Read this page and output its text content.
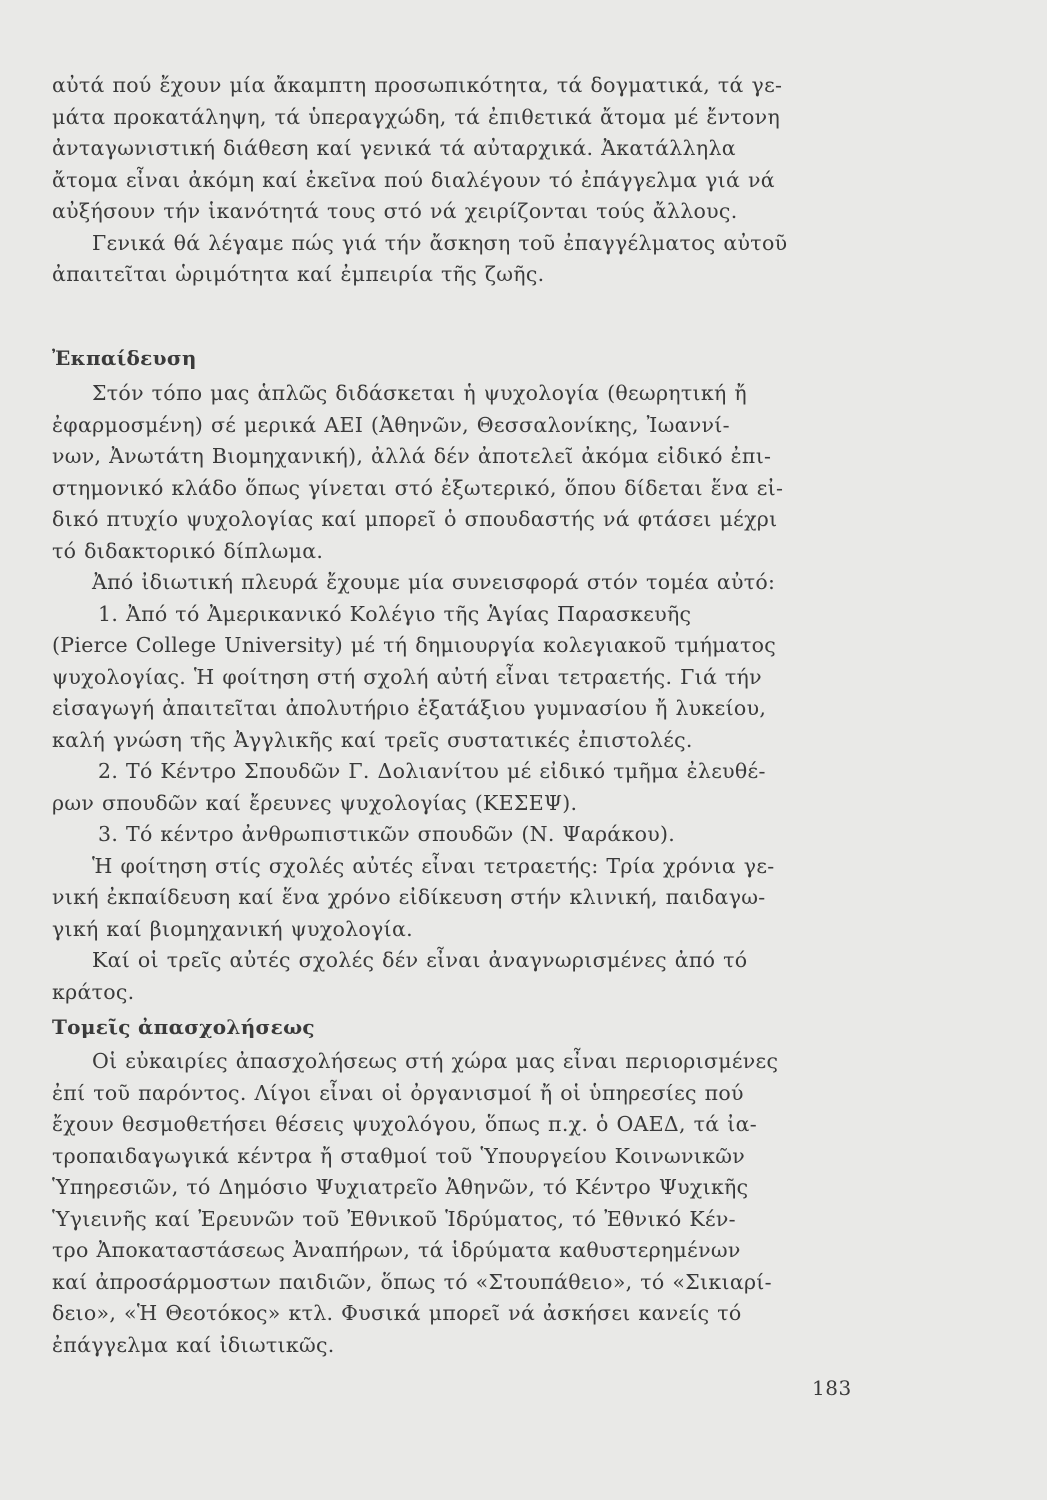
αὐτά πού ἔχουν μία ἄκαμπτη προσωπικότητα, τά δογματικά, τά γε-
μάτα προκατάληψη, τά ὑπεραγχώδη, τά ἐπιθετικά ἄτομα μέ ἔντονη
ἀνταγωνιστική διάθεση καί γενικά τά αὐταρχικά. Ἀκατάλληλα
ἄτομα εἶναι ἀκόμη καί ἐκεῖνα πού διαλέγουν τό ἐπάγγελμα γιά νά
αὐξήσουν τήν ἱκανότητά τους στό νά χειρίζονται τούς ἄλλους.
Γενικά θά λέγαμε πώς γιά τήν ἄσκηση τοῦ ἐπαγγέλματος αὐτοῦ
ἀπαιτεῖται ὡριμότητα καί ἐμπειρία τῆς ζωῆς.
Ἐκπαίδευση
Στόν τόπο μας ἁπλῶς διδάσκεται ἡ ψυχολογία (θεωρητική ἤ
ἐφαρμοσμένη) σέ μερικά ΑΕΙ (Ἀθηνῶν, Θεσσαλονίκης, Ἰωαννί-
νων, Ἀνωτάτη Βιομηχανική), ἀλλά δέν ἀποτελεῖ ἀκόμα εἰδικό ἐπι-
στημονικό κλάδο ὅπως γίνεται στό ἐξωτερικό, ὅπου δίδεται ἕνα εἰ-
δικό πτυχίο ψυχολογίας καί μπορεῖ ὁ σπουδαστής νά φτάσει μέχρι
τό διδακτορικό δίπλωμα.
Ἀπό ἰδιωτική πλευρά ἔχουμε μία συνεισφορά στόν τομέα αὐτό:
1. Ἀπό τό Ἀμερικανικό Κολέγιο τῆς Ἁγίας Παρασκευῆς
(Pierce College University) μέ τή δημιουργία κολεγιακοῦ τμήματος
ψυχολογίας. Ἡ φοίτηση στή σχολή αὐτή εἶναι τετραετής. Γιά τήν
εἰσαγωγή ἀπαιτεῖται ἀπολυτήριο ἑξατάξιου γυμνασίου ἤ λυκείου,
καλή γνώση τῆς Ἀγγλικῆς καί τρεῖς συστατικές ἐπιστολές.
2. Τό Κέντρο Σπουδῶν Γ. Δολιανίτου μέ εἰδικό τμῆμα ἐλευθέ-
ρων σπουδῶν καί ἔρευνες ψυχολογίας (ΚΕΣΕΨ).
3. Τό κέντρο ἀνθρωπιστικῶν σπουδῶν (Ν. Ψαράκου).
Ἡ φοίτηση στίς σχολές αὐτές εἶναι τετραετής: Τρία χρόνια γε-
νική ἐκπαίδευση καί ἕνα χρόνο εἰδίκευση στήν κλινική, παιδαγω-
γική καί βιομηχανική ψυχολογία.
Καί οἱ τρεῖς αὐτές σχολές δέν εἶναι ἀναγνωρισμένες ἀπό τό
κράτος.
Τομεῖς ἀπασχολήσεως
Οἱ εὐκαιρίες ἀπασχολήσεως στή χώρα μας εἶναι περιορισμένες
ἐπί τοῦ παρόντος. Λίγοι εἶναι οἱ ὀργανισμοί ἤ οἱ ὑπηρεσίες πού
ἔχουν θεσμοθετήσει θέσεις ψυχολόγου, ὅπως π.χ. ὁ ΟΑΕΔ, τά ἰα-
τροπαιδαγωγικά κέντρα ἤ σταθμοί τοῦ Ὑπουργείου Κοινωνικῶν
Ὑπηρεσιῶν, τό Δημόσιο Ψυχιατρεῖο Ἀθηνῶν, τό Κέντρο Ψυχικῆς
Ὑγιεινῆς καί Ἐρευνῶν τοῦ Ἐθνικοῦ Ἱδρύματος, τό Ἐθνικό Κέν-
τρο Ἀποκαταστάσεως Ἀναπήρων, τά ἱδρύματα καθυστερημένων
καί ἀπροσάρμοστων παιδιῶν, ὅπως τό «Στουπάθειο», τό «Σικιαρί-
δειο», «Ἡ Θεοτόκος» κτλ. Φυσικά μπορεῖ νά ἀσκήσει κανείς τό
ἐπάγγελμα καί ἰδιωτικῶς.
183
